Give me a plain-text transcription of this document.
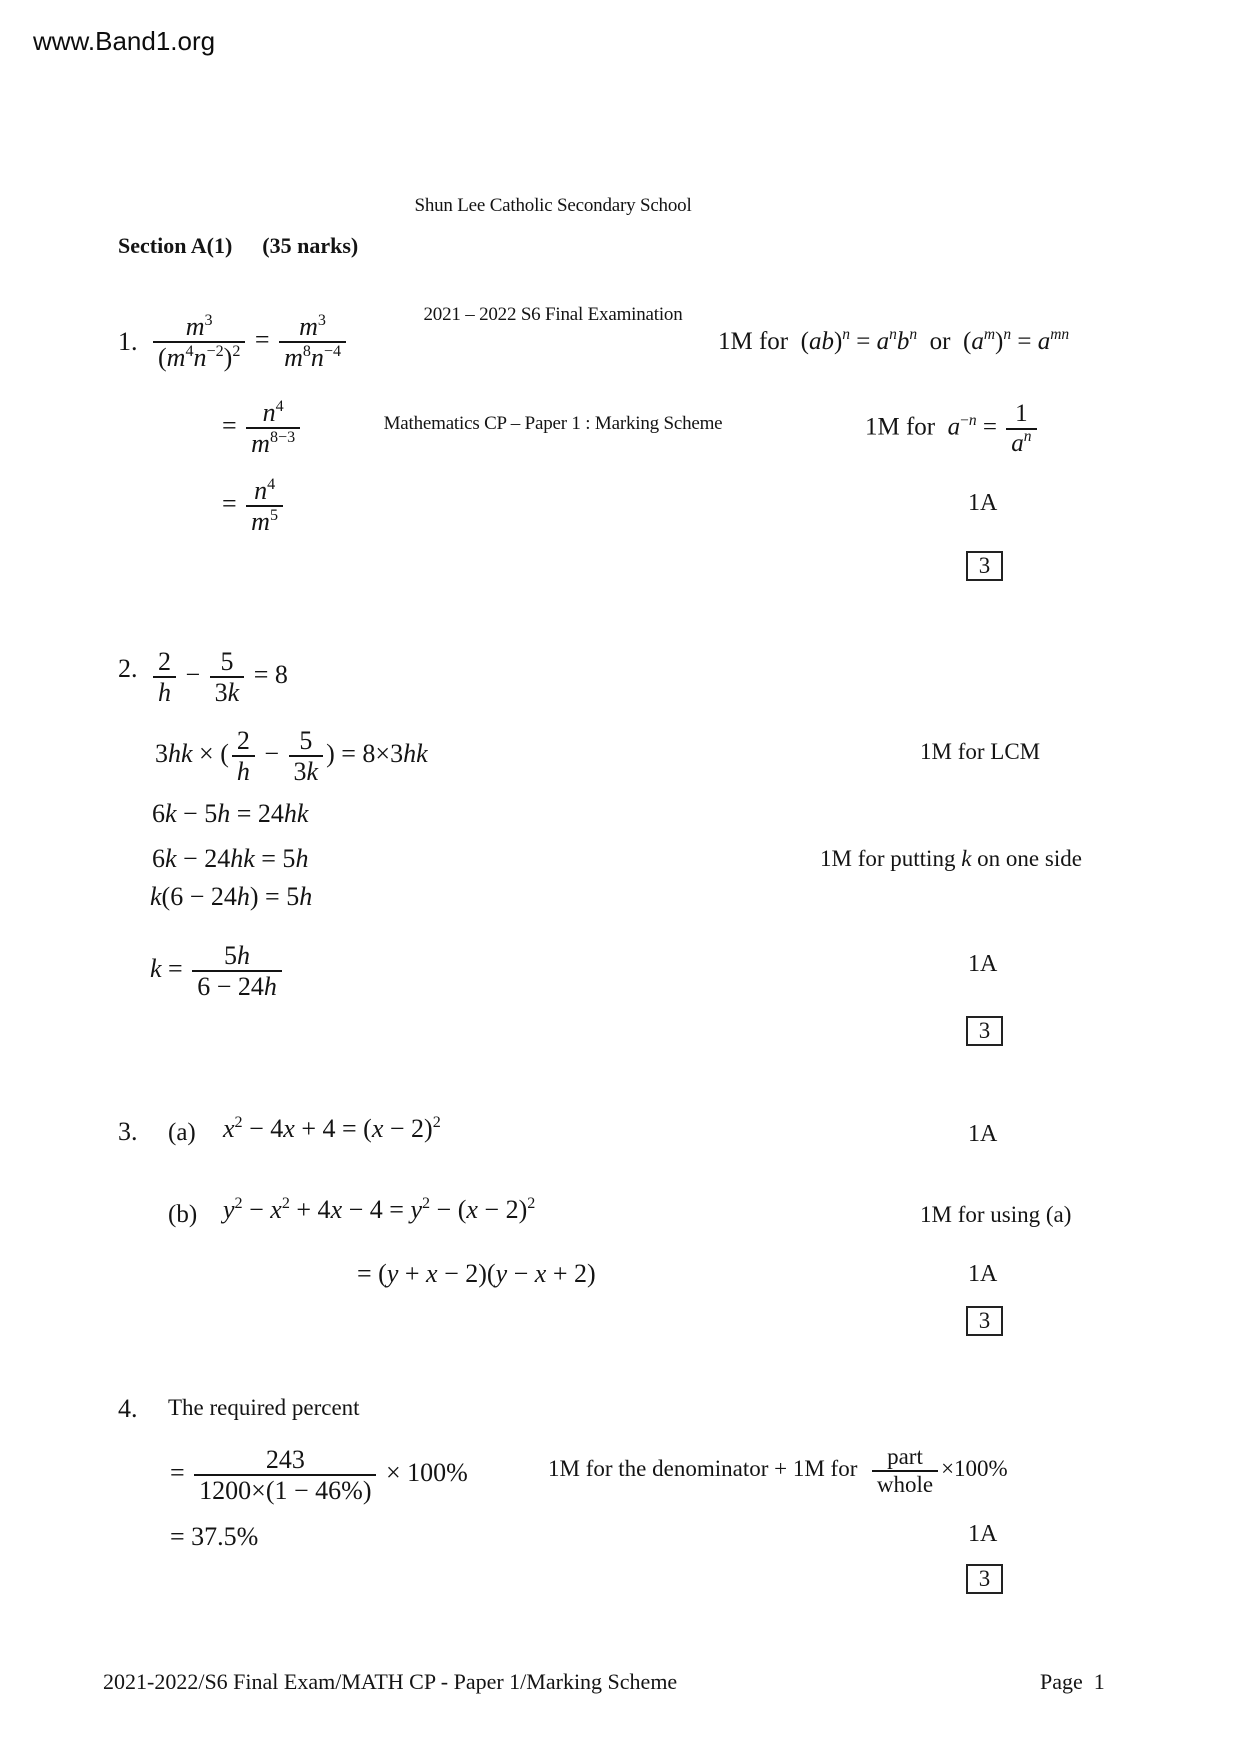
www.Band1.org

Shun Lee Catholic Secondary School

2021 – 2022 S6 Final Examination

Mathematics CP – Paper 1 : Marking Scheme

Section A(1) (35 narks)
1. $\frac{m^3}{(m^4n^{-2})^2} = \frac{m^3}{m^8n^{-4}}$
= $\frac{n^4}{m^{8-3}}$
= $\frac{n^4}{m^5}$
1M for  $(ab)^n = a^nb^n$  or  $(a^m)^n = a^{mn}$
1M for  $a^{-n} = \frac{1}{a^n}$
1A
3
2. $\frac{2}{h} - \frac{5}{3k} = 8$
3hk × ( $\frac{2}{h} - \frac{5}{3k}$ ) = 8×3hk
6k − 5h = 24hk
6k − 24hk = 5h
k(6 − 24h) = 5h
$k = \frac{5h}{6 - 24h}$
1M for LCM
1M for putting k on one side
1A
3
3. (a) $x^2 - 4x + 4 = (x - 2)^2$
(b) $y^2 - x^2 + 4x - 4 = y^2 - (x - 2)^2$
= (y + x − 2)(y − x + 2)
1A
1M for using (a)
1A
3
4. The required percent
= $\frac{243}{1200\times(1 - 46\%)} \times 100\%$
= 37.5%
1M for the denominator + 1M for part
whole
×100%
1A
3
2021-2022/S6 Final Exam/MATH CP - Paper 1/Marking Scheme	Page  1
